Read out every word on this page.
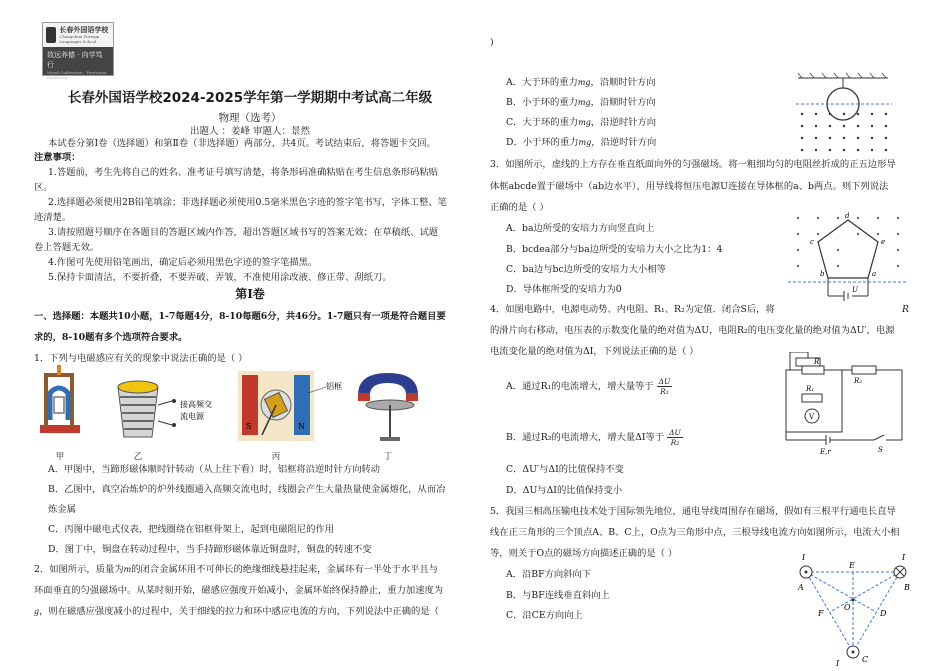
长春外国语学校
Changchun Foreign Languages School
致远养德 · 向学笃行
Moral Cultivation · Persistent Endeavors
长春外国语学校2024-2025学年第一学期期中考试高二年级
物理（选考）
出题人 ：姜峰 审题人：景然
本试卷分第Ⅰ卷（选择题）和第Ⅱ卷（非选择题）两部分，共4页。考试结束后，将答题卡交回。
注意事项：
1.答题前，考生先将自己的姓名、准考证号填写清楚，将条形码准确粘贴在考生信息条形码粘贴
区。
2.选择题必须使用2B铅笔填涂；非选择题必须使用0.5毫米黑色字迹的签字笔书写，字体工整、笔
迹清楚。
3.请按照题号顺序在各题目的答题区域内作答，超出答题区域书写的答案无效；在草稿纸、试题
卷上答题无效。
4.作图可先使用铅笔画出，确定后必须用黑色字迹的签字笔描黑。
5.保持卡面清洁，不要折叠，不要弄破、弄皱，不准使用涂改液、修正带、刮纸刀。
第Ⅰ卷
一、选择题：本题共10小题，1-7每题4分，8-10每题6分，共46分。1-7题只有一项是符合题目要
求的，8-10题有多个选项符合要求。
1．下列与电磁感应有关的现象中说法正确的是（ ）
接高频交
流电源
S	N
铝框
甲	乙	丙	丁
A．甲图中，当蹄形磁体顺时针转动（从上往下看）时，铝框将沿逆时针方向转动
B．乙图中，真空冶炼炉的炉外线圈通入高频交流电时，线圈会产生大量热量使金属熔化，从而冶
炼金属
C．丙图中磁电式仪表，把线圈绕在铝框骨架上，起到电磁阻尼的作用
D．图丁中，铜盘在转动过程中，当手持蹄形磁体靠近铜盘时，铜盘的转速不变
2．如图所示，质量为m的闭合金属环用不可伸长的绝缘细线悬挂起来，金属环有一半处于水平且与
环面垂直的匀强磁场中。从某时刻开始，磁感应强度开始减小，金属环始终保持静止，重力加速度为
g，则在磁感应强度减小的过程中，关于细线的拉力和环中感应电流的方向，下列说法中正确的是（
)
A．大于环的重力mg，沿顺时针方向
B．小于环的重力mg，沿顺时针方向
C．大于环的重力mg，沿逆时针方向
D．小于环的重力mg，沿逆时针方向
3．如图所示，虚线的上方存在垂直纸面向外的匀强磁场。将一粗细均匀的电阻丝折成的正五边形导
体框abcde置于磁场中（ab边水平），用导线将恒压电源U连接在导体框的a、b两点。则下列说法
正确的是（ ）
A．ba边所受的安培力方向竖直向上
B．bcdea部分与ba边所受的安培力大小之比为1：4
C．ba边与bc边所受的安培力大小相等
D．导体框所受的安培力为0
a
b
c
d
e
U
4．如图电路中，电源电动势、内电阻、R₁、R₂为定值．闭合S后，将	R
的滑片向右移动，电压表的示数变化量的绝对值为ΔU，电阻R₂的电压变化量的绝对值为ΔU′，电源
电流变化量的绝对值为ΔI，下列说法正确的是（ ）
A．通过R₁的电流增大，增大量等于 $\frac{\Delta U}{\text{R₁}}$
B．通过R₂的电流增大，增大量ΔI等于 $\frac{\Delta U}{\text{R₂}}$
C．ΔU′与ΔI的比值保持不变
D．ΔU与ΔI的比值保持变小
R
R₂
R₁
V
E,r	S
5．我国三相高压输电技术处于国际领先地位，通电导线周围存在磁场，假如有三根平行通电长直导
线在正三角形的三个顶点A、B、C上，O点为三角形中点，三根导线电流方向如图所示，电流大小相
等，则关于O点的磁场方向描述正确的是（ ）
A．沿BF方向斜向下
B．与BF连线垂直斜向上
C．沿CE方向向上
I	I
I
A	B
C
E
F
O
D
